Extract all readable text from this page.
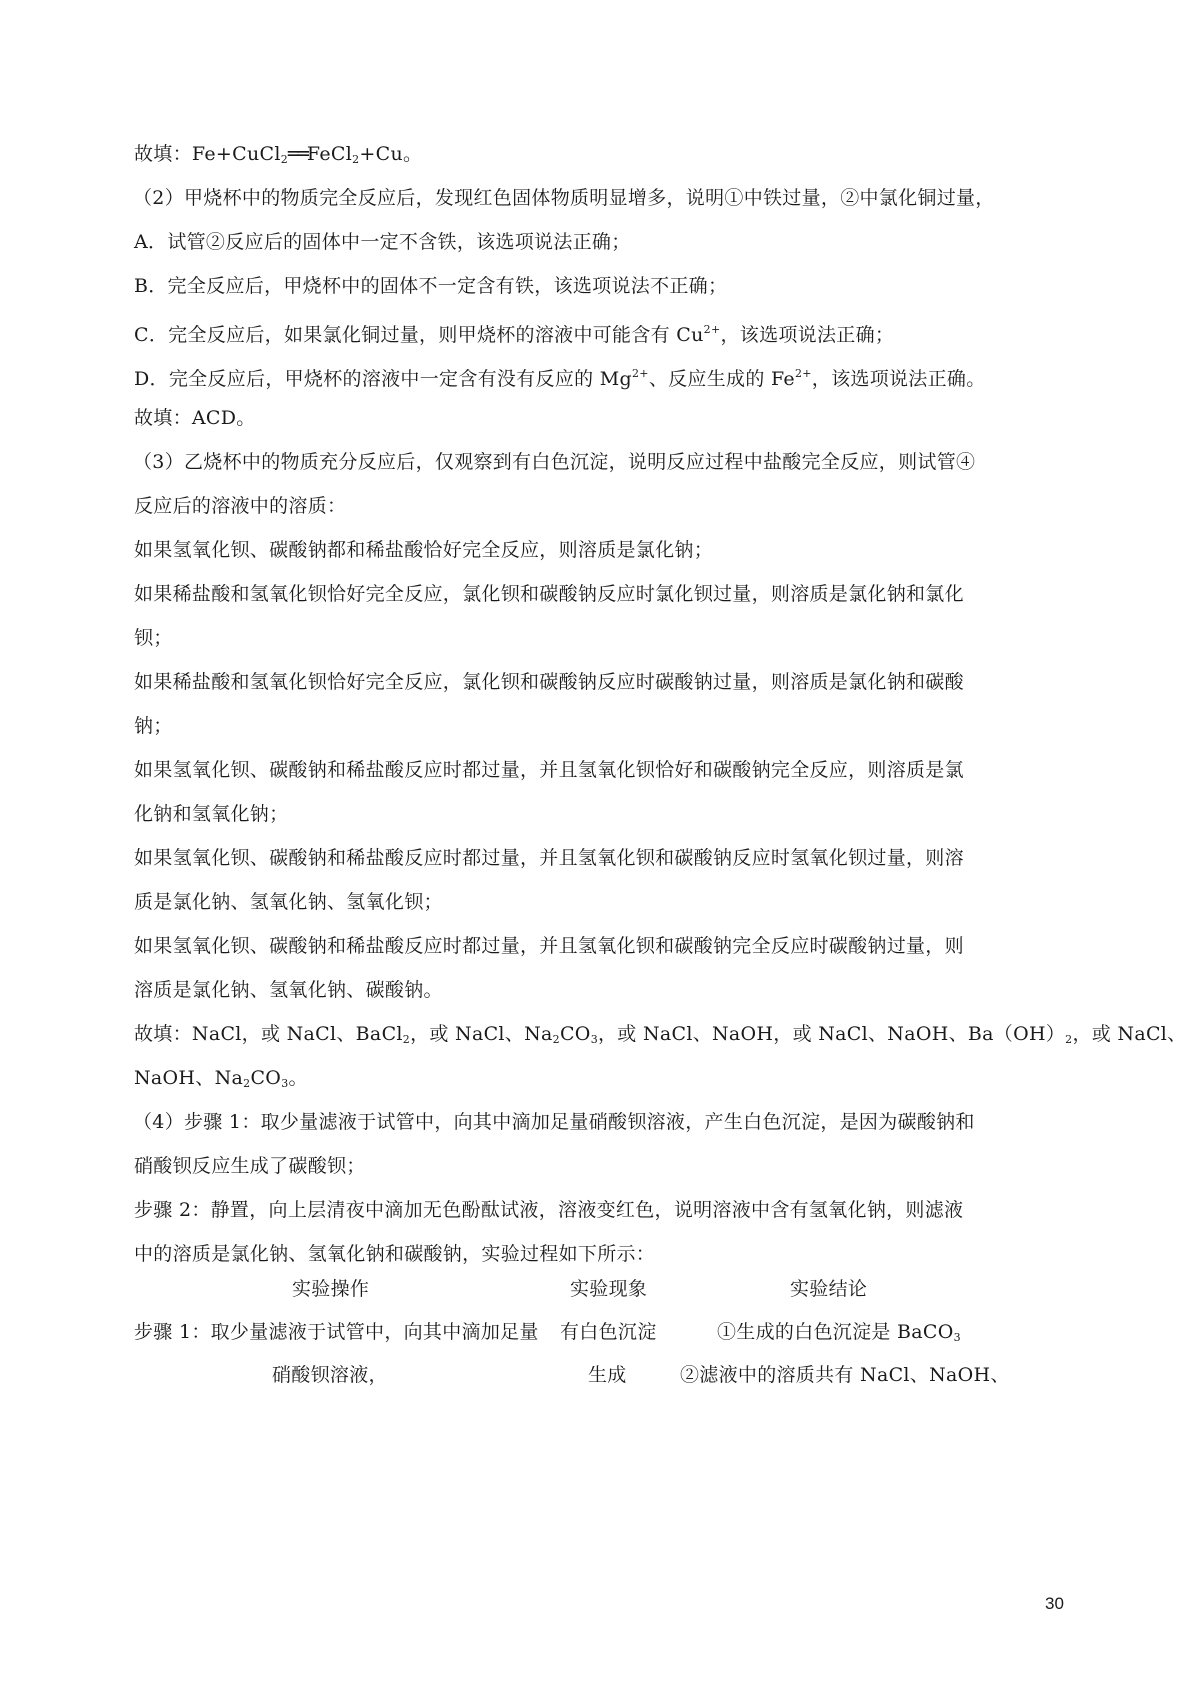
故填：Fe+CuCl$_2$══FeCl$_2$+Cu。
（2）甲烧杯中的物质完全反应后，发现红色固体物质明显增多，说明①中铁过量，②中氯化铜过量，
A．试管②反应后的固体中一定不含铁，该选项说法正确；
B．完全反应后，甲烧杯中的固体不一定含有铁，该选项说法不正确；
C．完全反应后，如果氯化铜过量，则甲烧杯的溶液中可能含有 $Cu^{2+}$，该选项说法正确；
D．完全反应后，甲烧杯的溶液中一定含有没有反应的 $Mg^{2+}$、反应生成的 $Fe^{2+}$，该选项说法正确。
故填：ACD。
（3）乙烧杯中的物质充分反应后，仅观察到有白色沉淀，说明反应过程中盐酸完全反应，则试管④
反应后的溶液中的溶质：
如果氢氧化钡、碳酸钠都和稀盐酸恰好完全反应，则溶质是氯化钠；
如果稀盐酸和氢氧化钡恰好完全反应，氯化钡和碳酸钠反应时氯化钡过量，则溶质是氯化钠和氯化
钡；
如果稀盐酸和氢氧化钡恰好完全反应，氯化钡和碳酸钠反应时碳酸钠过量，则溶质是氯化钠和碳酸
钠；
如果氢氧化钡、碳酸钠和稀盐酸反应时都过量，并且氢氧化钡恰好和碳酸钠完全反应，则溶质是氯
化钠和氢氧化钠；
如果氢氧化钡、碳酸钠和稀盐酸反应时都过量，并且氢氧化钡和碳酸钠反应时氢氧化钡过量，则溶
质是氯化钠、氢氧化钠、氢氧化钡；
如果氢氧化钡、碳酸钠和稀盐酸反应时都过量，并且氢氧化钡和碳酸钠完全反应时碳酸钠过量，则
溶质是氯化钠、氢氧化钠、碳酸钠。
故填：NaCl，或 NaCl、BaCl$_2$，或 NaCl、$Na_2CO_3$，或 NaCl、NaOH，或 NaCl、NaOH、$Ba(OH)_2$，或 NaCl、
NaOH、$Na_2CO_3$。
（4）步骤 1：取少量滤液于试管中，向其中滴加足量硝酸钡溶液，产生白色沉淀，是因为碳酸钠和
硝酸钡反应生成了碳酸钡；
步骤 2：静置，向上层清夜中滴加无色酚酞试液，溶液变红色，说明溶液中含有氢氧化钠，则滤液
中的溶质是氯化钠、氢氧化钠和碳酸钠，实验过程如下所示：
实验操作	实验现象	实验结论
步骤 1：取少量滤液于试管中，向其中滴加足量
硝酸钡溶液，
有白色沉淀
生成
①生成的白色沉淀是 BaCO$_3$
②滤液中的溶质共有 NaCl、NaOH、
30
